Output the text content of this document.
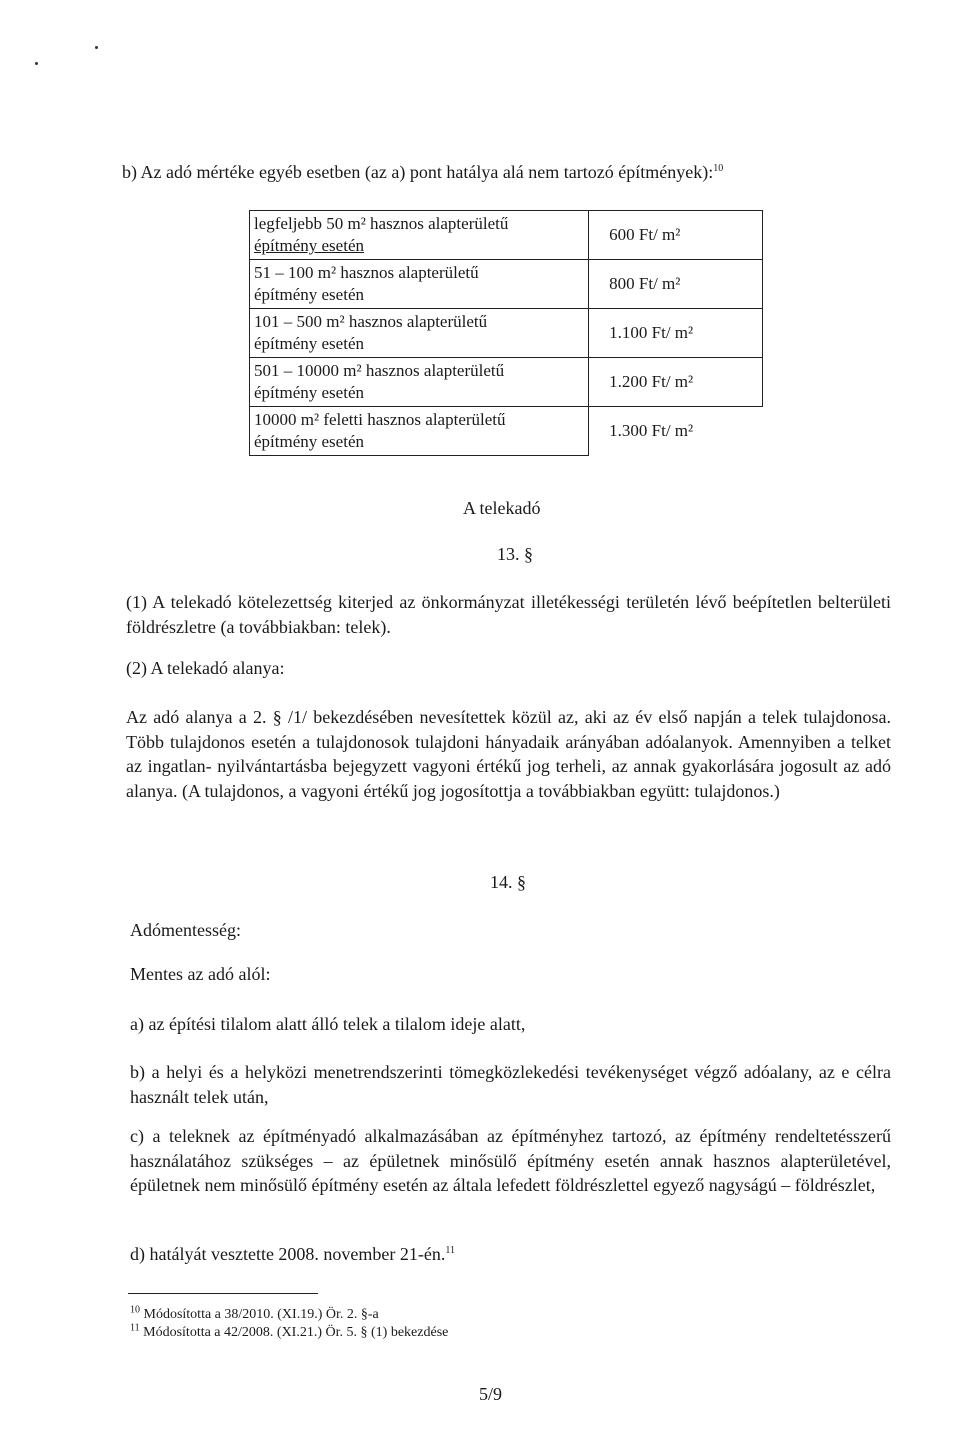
b) Az adó mértéke egyéb esetben (az a) pont hatálya alá nem tartozó építmények):$^{10}$
legfeljebb 50 m² hasznos alapterületű
építmény esetén	600 Ft/ m²

51 – 100 m² hasznos alapterületű
építmény esetén	800 Ft/ m²

101 – 500 m² hasznos alapterületű
építmény esetén	1.100 Ft/ m²

501 – 10000 m² hasznos alapterületű
építmény esetén	1.200 Ft/ m²

10000 m² feletti hasznos alapterületű
építmény esetén	1.300 Ft/ m²
A telekadó
13. §
(1) A telekadó kötelezettség kiterjed az önkormányzat illetékességi területén lévő beépítetlen belterületi földrészletre (a továbbiakban: telek).
(2) A telekadó alanya:
Az adó alanya a 2. § /1/ bekezdésében nevesítettek közül az, aki az év első napján a telek tulajdonosa. Több tulajdonos esetén a tulajdonosok tulajdoni hányadaik arányában adóalanyok. Amennyiben a telket az ingatlan- nyilvántartásba bejegyzett vagyoni értékű jog terheli, az annak gyakorlására jogosult az adó alanya. (A tulajdonos, a vagyoni értékű jog jogosítottja a továbbiakban együtt: tulajdonos.)
14. §
Adómentesség:
Mentes az adó alól:
a) az építési tilalom alatt álló telek a tilalom ideje alatt,
b) a helyi és a helyközi menetrendszerinti tömegközlekedési tevékenységet végző adóalany, az e célra használt telek után,
c) a teleknek az építményadó alkalmazásában az építményhez tartozó, az építmény rendeltetésszerű használatához szükséges – az épületnek minősülő építmény esetén annak hasznos alapterületével, épületnek nem minősülő építmény esetén az általa lefedett földrészlettel egyező nagyságú – földrészlet,
d) hatályát vesztette 2008. november 21-én.$^{11}$
$^{10}$ Módosította a 38/2010. (XI.19.) Ör. 2. §-a
$^{11}$ Módosította a 42/2008. (XI.21.) Ör. 5. § (1) bekezdése
5/9
